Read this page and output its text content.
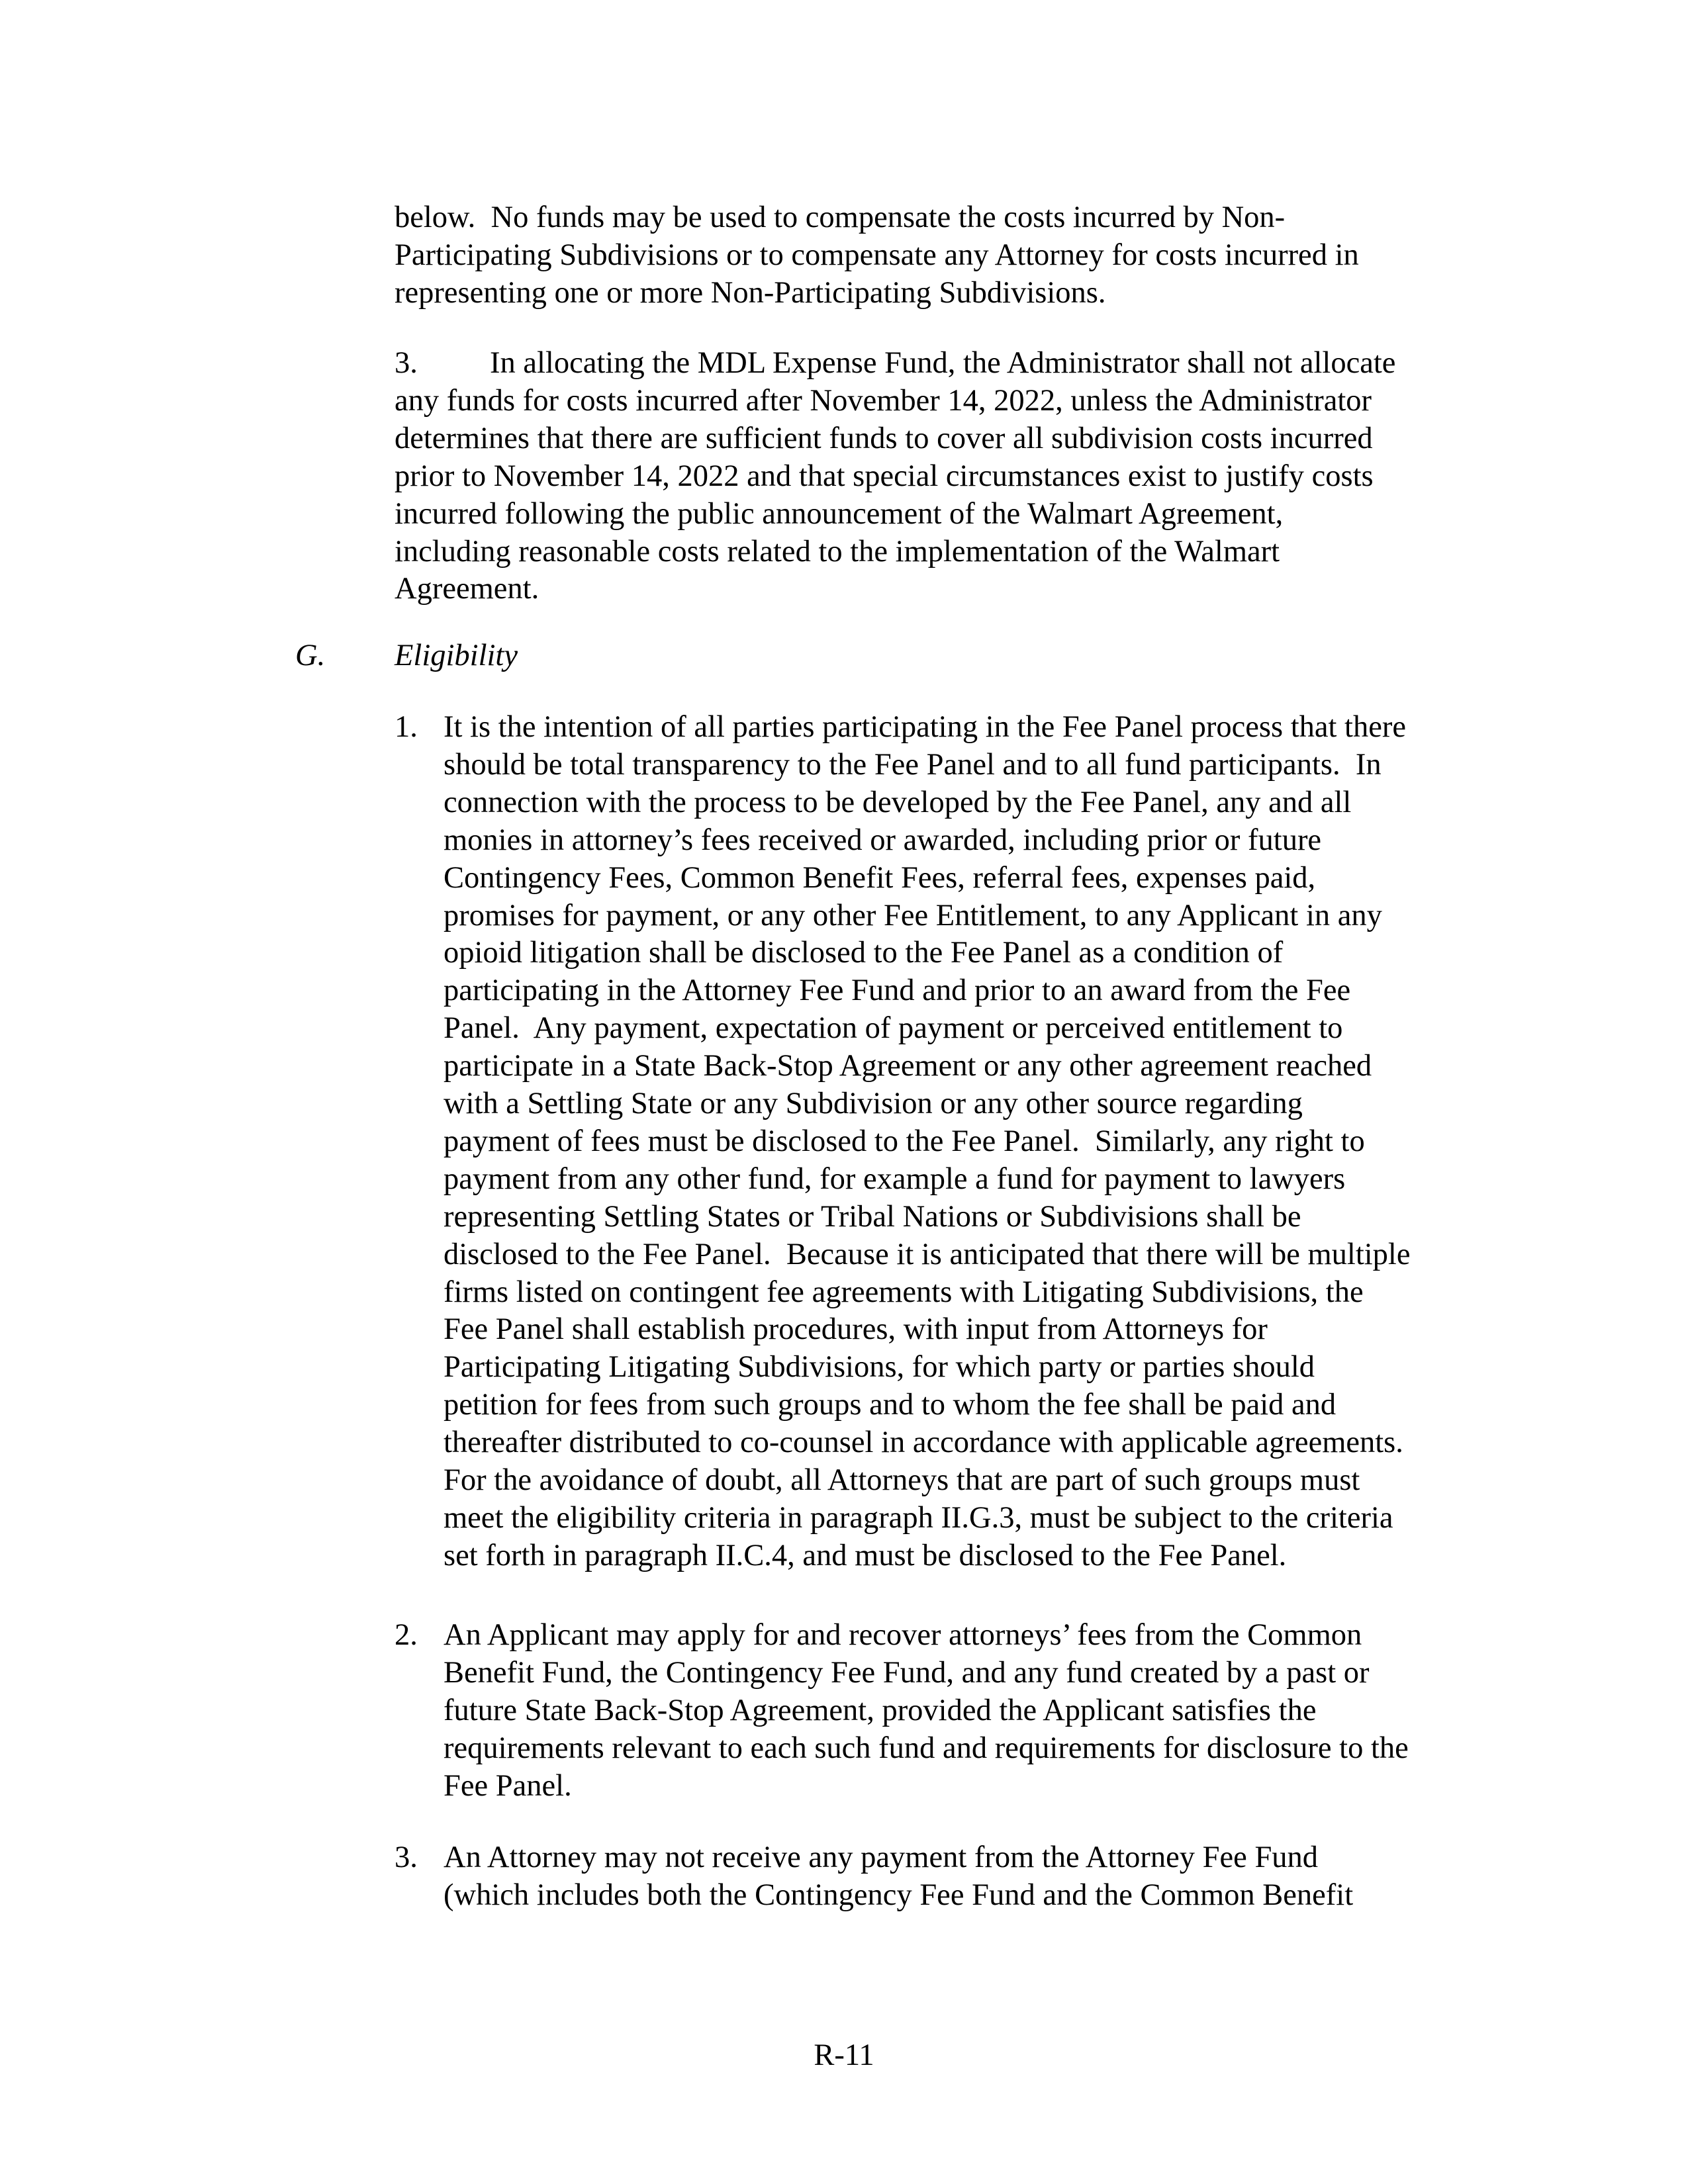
below.  No funds may be used to compensate the costs incurred by Non-

Participating Subdivisions or to compensate any Attorney for costs incurred in

representing one or more Non-Participating Subdivisions.

3. In allocating the MDL Expense Fund, the Administrator shall not allocate

any funds for costs incurred after November 14, 2022, unless the Administrator

determines that there are sufficient funds to cover all subdivision costs incurred

prior to November 14, 2022 and that special circumstances exist to justify costs

incurred following the public announcement of the Walmart Agreement,

including reasonable costs related to the implementation of the Walmart

Agreement.

G. Eligibility

1. It is the intention of all parties participating in the Fee Panel process that there

should be total transparency to the Fee Panel and to all fund participants.  In

connection with the process to be developed by the Fee Panel, any and all

monies in attorney’s fees received or awarded, including prior or future

Contingency Fees, Common Benefit Fees, referral fees, expenses paid,

promises for payment, or any other Fee Entitlement, to any Applicant in any

opioid litigation shall be disclosed to the Fee Panel as a condition of

participating in the Attorney Fee Fund and prior to an award from the Fee

Panel.  Any payment, expectation of payment or perceived entitlement to

participate in a State Back-Stop Agreement or any other agreement reached

with a Settling State or any Subdivision or any other source regarding

payment of fees must be disclosed to the Fee Panel.  Similarly, any right to

payment from any other fund, for example a fund for payment to lawyers

representing Settling States or Tribal Nations or Subdivisions shall be

disclosed to the Fee Panel.  Because it is anticipated that there will be multiple

firms listed on contingent fee agreements with Litigating Subdivisions, the

Fee Panel shall establish procedures, with input from Attorneys for

Participating Litigating Subdivisions, for which party or parties should

petition for fees from such groups and to whom the fee shall be paid and

thereafter distributed to co-counsel in accordance with applicable agreements.

For the avoidance of doubt, all Attorneys that are part of such groups must

meet the eligibility criteria in paragraph II.G.3, must be subject to the criteria

set forth in paragraph II.C.4, and must be disclosed to the Fee Panel.

2. An Applicant may apply for and recover attorneys’ fees from the Common

Benefit Fund, the Contingency Fee Fund, and any fund created by a past or

future State Back-Stop Agreement, provided the Applicant satisfies the

requirements relevant to each such fund and requirements for disclosure to the

Fee Panel.

3. An Attorney may not receive any payment from the Attorney Fee Fund

(which includes both the Contingency Fee Fund and the Common Benefit

R-11
